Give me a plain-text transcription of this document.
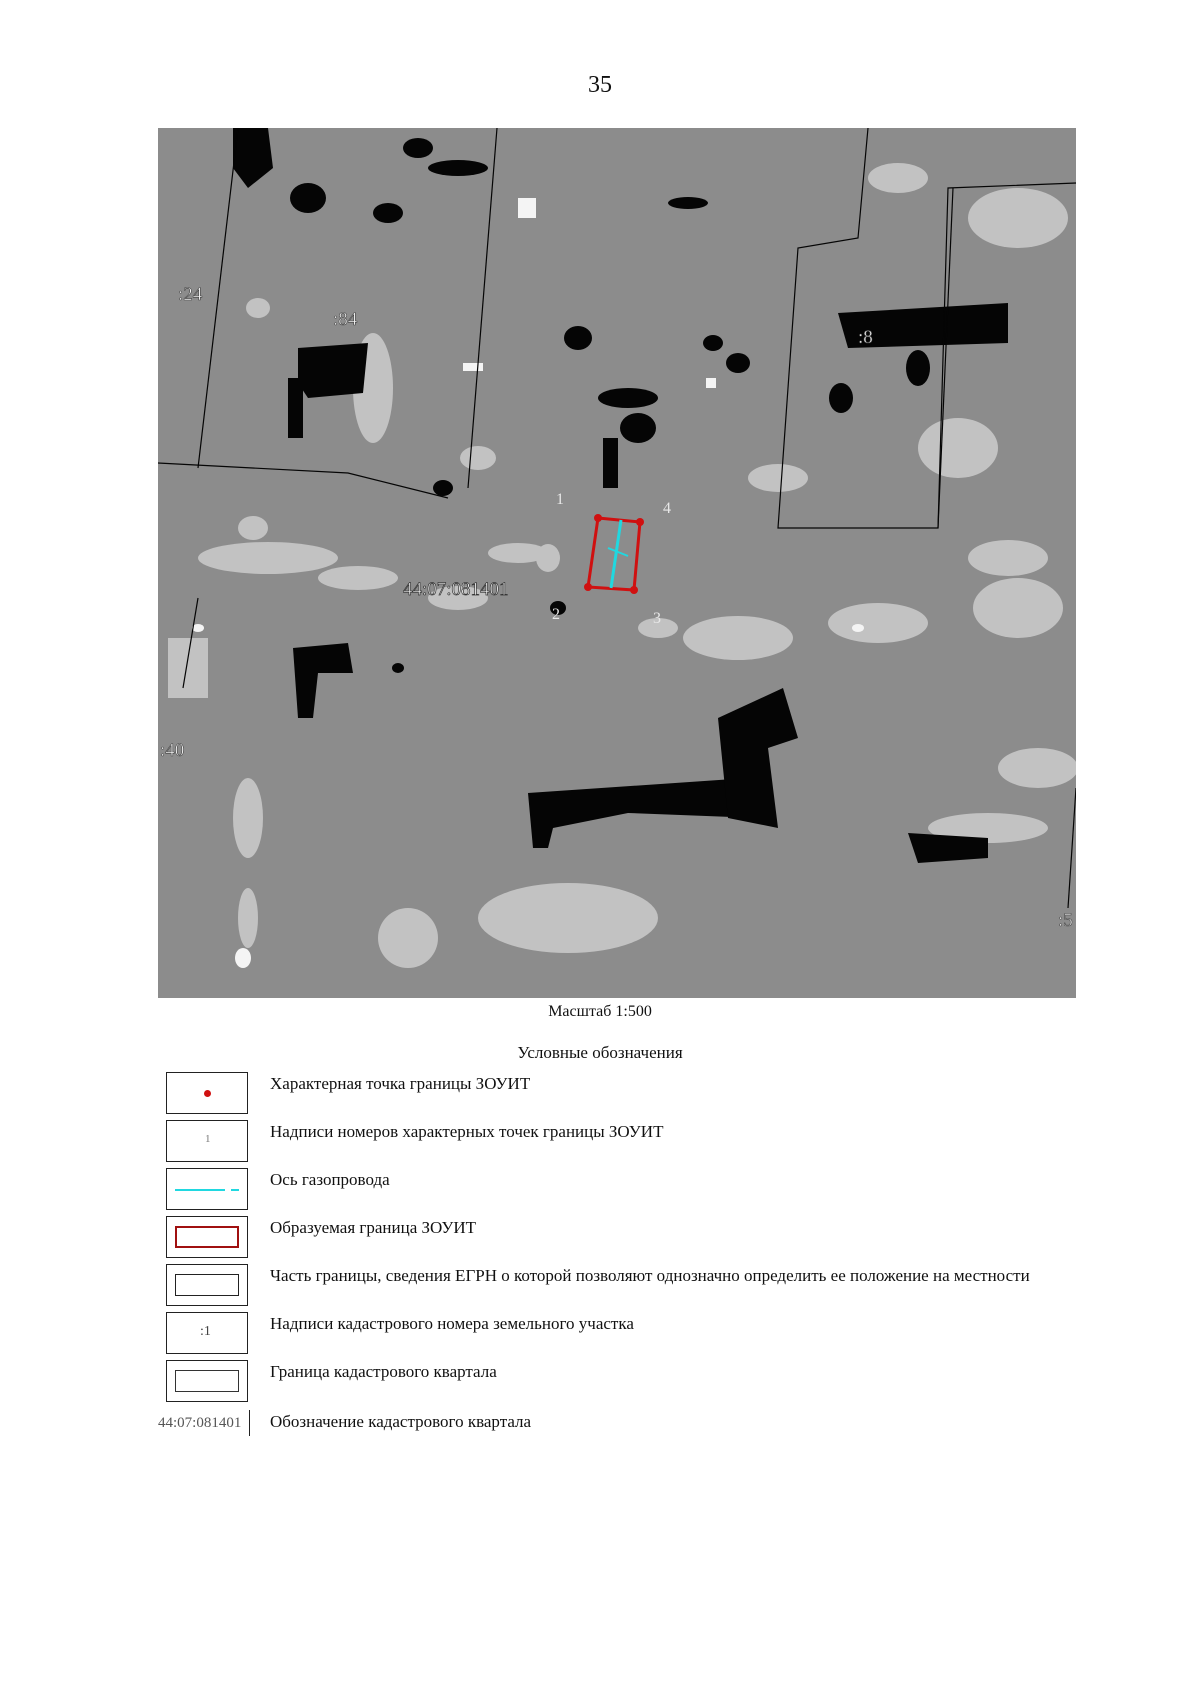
35
:24
:84
:8
:40
:5
44:07:081401
1
2	3
4
Масштаб 1:500
Условные обозначения
Характерная точка границы ЗОУИТ
1	Надписи номеров характерных точек границы ЗОУИТ
Ось газопровода
Образуемая граница ЗОУИТ
Часть границы, сведения ЕГРН о которой позволяют однозначно определить ее положение на местности
:1	Надписи кадастрового номера земельного участка
Граница кадастрового квартала
44:07:081401	Обозначение кадастрового квартала
